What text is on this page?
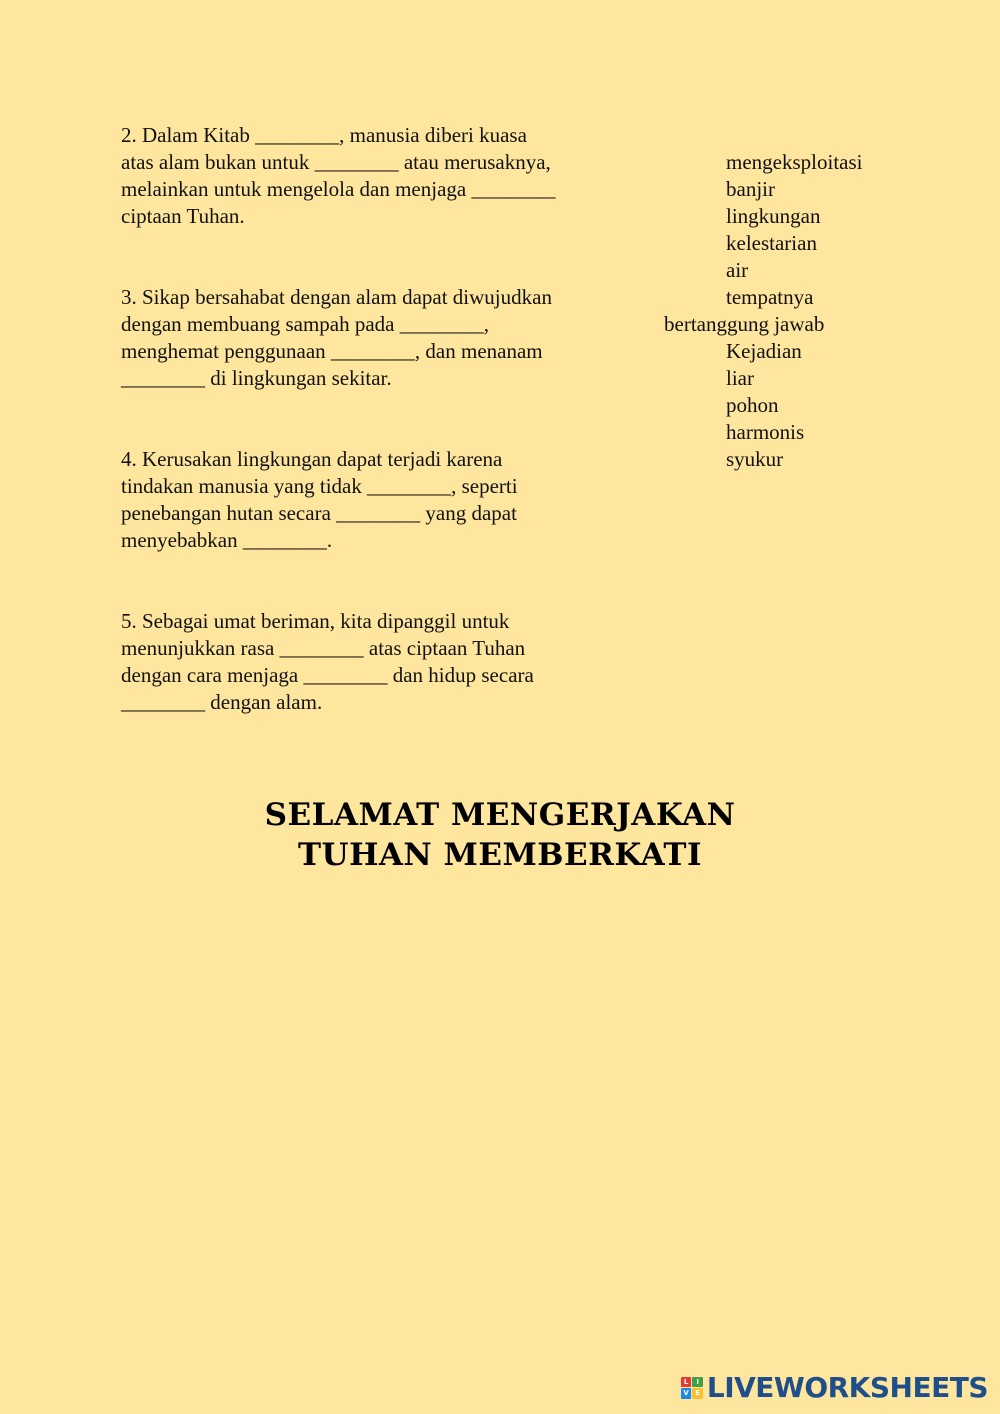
2. Dalam Kitab ________, manusia diberi kuasa
atas alam bukan untuk ________ atau merusaknya,
melainkan untuk mengelola dan menjaga ________
ciptaan Tuhan.

3. Sikap bersahabat dengan alam dapat diwujudkan
dengan membuang sampah pada ________,
menghemat penggunaan ________, dan menanam
________ di lingkungan sekitar.

4. Kerusakan lingkungan dapat terjadi karena
tindakan manusia yang tidak ________, seperti
penebangan hutan secara ________ yang dapat
menyebabkan ________.

5. Sebagai umat beriman, kita dipanggil untuk
menunjukkan rasa ________ atas ciptaan Tuhan
dengan cara menjaga ________ dan hidup secara
________ dengan alam.

mengeksploitasi
banjir
lingkungan
kelestarian
air
tempatnya
bertanggung jawab
Kejadian
liar
pohon
harmonis
syukur
SELAMAT MENGERJAKAN
TUHAN MEMBERKATI
L	I
V E LIVEWORKSHEETS
